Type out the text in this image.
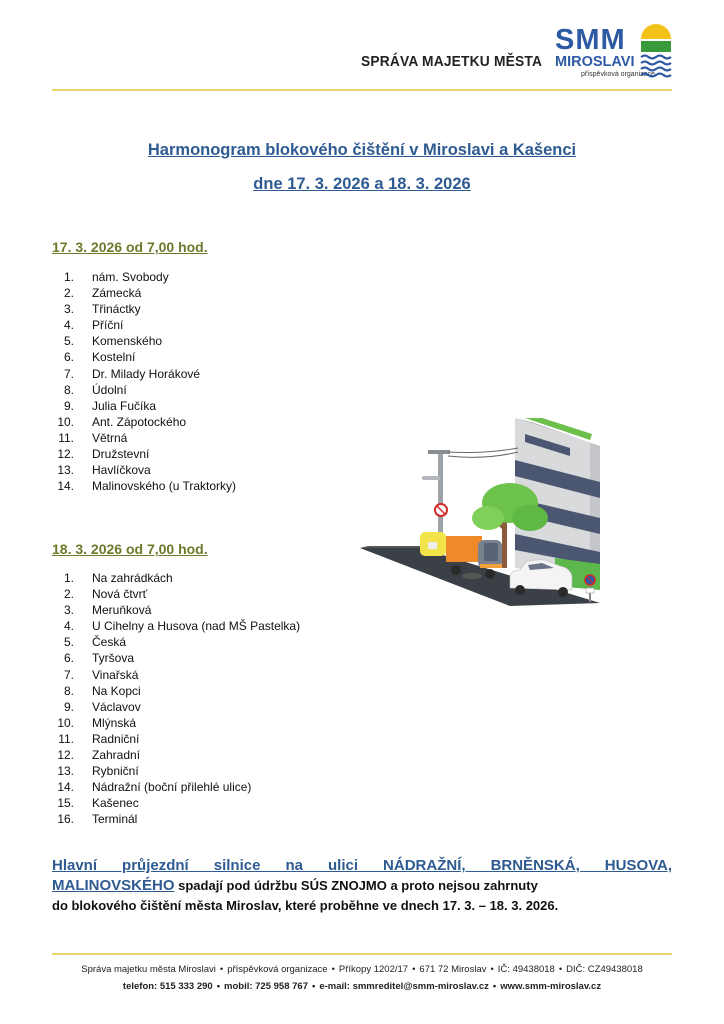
SPRÁVA MAJETKU MĚSTA
SMM
MIROSLAVI
příspěvková organizace
Harmonogram blokového čištění v Miroslavi a Kašenci
dne 17. 3. 2026 a 18. 3. 2026
17. 3. 2026 od 7,00 hod.
1. nám. Svobody
2. Zámecká
3. Třináctky
4. Příční
5. Komenského
6. Kostelní
7. Dr. Milady Horákové
8. Údolní
9. Julia Fučíka
10. Ant. Zápotockého
11. Větrná
12. Družstevní
13. Havlíčkova
14. Malinovského (u Traktorky)
18. 3. 2026 od 7,00 hod.
1. Na zahrádkách
2. Nová čtvrť
3. Meruňková
4. U Cihelny a Husova (nad MŠ Pastelka)
5. Česká
6. Tyršova
7. Vinařská
8. Na Kopci
9. Václavov
10. Mlýnská
11. Radniční
12. Zahradní
13. Rybniční
14. Nádražní (boční přilehlé ulice)
15. Kašenec
16. Terminál
Hlavní průjezdní silnice na ulici NÁDRAŽNÍ, BRNĚNSKÁ, HUSOVA,
MALINOVSKÉHO spadají pod údržbu SÚS ZNOJMO a proto nejsou zahrnuty
do blokového čištění města Miroslav, které proběhne ve dnech 17. 3. – 18. 3. 2026.
Správa majetku města Miroslavi • příspěvková organizace • Příkopy 1202/17 • 671 72 Miroslav • IČ: 49438018 • DIČ: CZ49438018
telefon: 515 333 290 • mobil: 725 958 767 • e-mail: smmreditel@smm-miroslav.cz • www.smm-miroslav.cz
